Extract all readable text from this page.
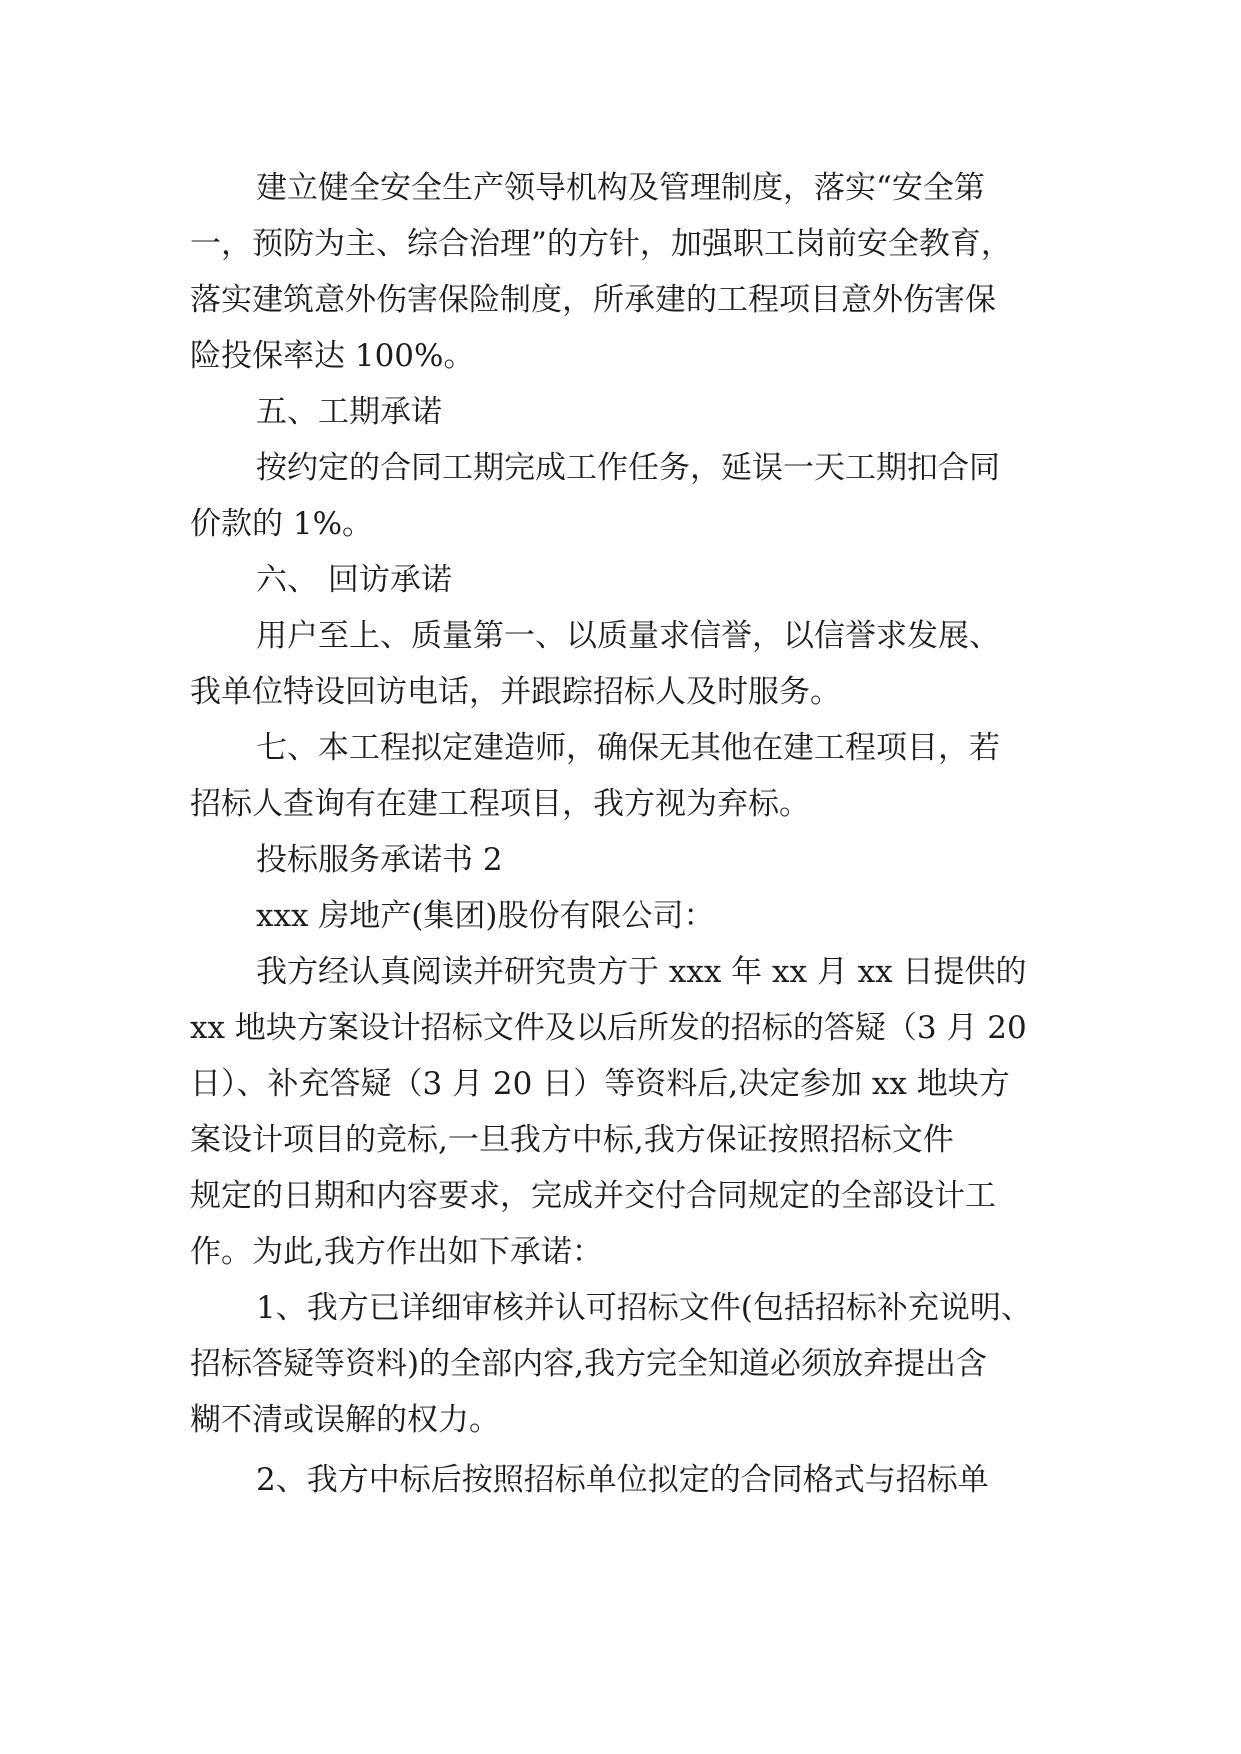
建立健全安全生产领导机构及管理制度，落实“安全第
一，预防为主、综合治理”的方针，加强职工岗前安全教育，
落实建筑意外伤害保险制度，所承建的工程项目意外伤害保
险投保率达 100%。
五、工期承诺
按约定的合同工期完成工作任务，延误一天工期扣合同
价款的 1%。
六、 回访承诺
用户至上、质量第一、以质量求信誉，以信誉求发展、
我单位特设回访电话，并跟踪招标人及时服务。
七、本工程拟定建造师，确保无其他在建工程项目，若
招标人查询有在建工程项目，我方视为弃标。
投标服务承诺书 2
xxx 房地产(集团)股份有限公司：
我方经认真阅读并研究贵方于 xxx 年 xx 月 xx 日提供的
xx 地块方案设计招标文件及以后所发的招标的答疑（3 月 20
日）、补充答疑（3 月 20 日）等资料后,决定参加 xx 地块方
案设计项目的竞标,一旦我方中标,我方保证按照招标文件
规定的日期和内容要求，完成并交付合同规定的全部设计工
作。为此,我方作出如下承诺：
1、我方已详细审核并认可招标文件(包括招标补充说明、
招标答疑等资料)的全部内容,我方完全知道必须放弃提出含
糊不清或误解的权力。
2、我方中标后按照招标单位拟定的合同格式与招标单
